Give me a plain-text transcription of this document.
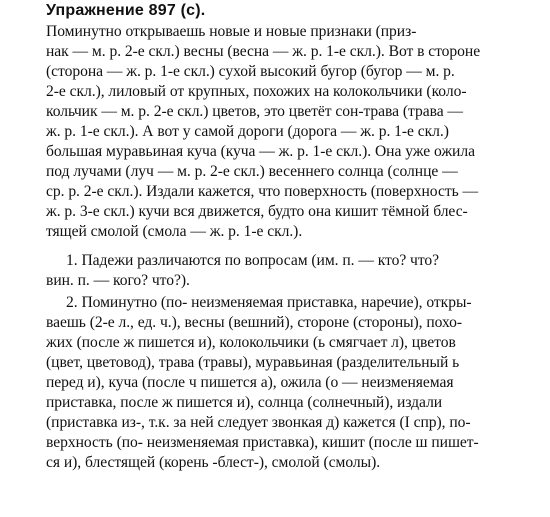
Упражнение 897 (с).
Поминутно открываешь новые и новые признаки (приз-
нак — м. р. 2-е скл.) весны (весна — ж. р. 1-е скл.). Вот в стороне
(сторона — ж. р. 1-е скл.) сухой высокий бугор (бугор — м. р.
2-е скл.), лиловый от крупных, похожих на колокольчики (коло-
кольчик — м. р. 2-е скл.) цветов, это цветёт сон-трава (трава —
ж. р. 1-е скл.). А вот у самой дороги (дорога — ж. р. 1-е скл.)
большая муравьиная куча (куча — ж. р. 1-е скл.). Она уже ожила
под лучами (луч — м. р. 2-е скл.) весеннего солнца (солнце —
ср. р. 2-е скл.). Издали кажется, что поверхность (поверхность —
ж. р. 3-е скл.) кучи вся движется, будто она кишит тёмной блес-
тящей смолой (смола — ж. р. 1-е скл.).
1. Падежи различаются по вопросам (им. п. — кто? что?
вин. п. — кого? что?).
2. Поминутно (по- неизменяемая приставка, наречие), откры-
ваешь (2-е л., ед. ч.), весны (вешний), стороне (стороны), похо-
жих (после ж пишется и), колокольчики (ь смягчает л), цветов
(цвет, цветовод), трава (травы), муравьиная (разделительный ь
перед и), куча (после ч пишется а), ожила (о — неизменяемая
приставка, после ж пишется и), солнца (солнечный), издали
(приставка из-, т.к. за ней следует звонкая д) кажется (I спр), по-
верхность (по- неизменяемая приставка), кишит (после ш пишет-
ся и), блестящей (корень -блест-), смолой (смолы).
